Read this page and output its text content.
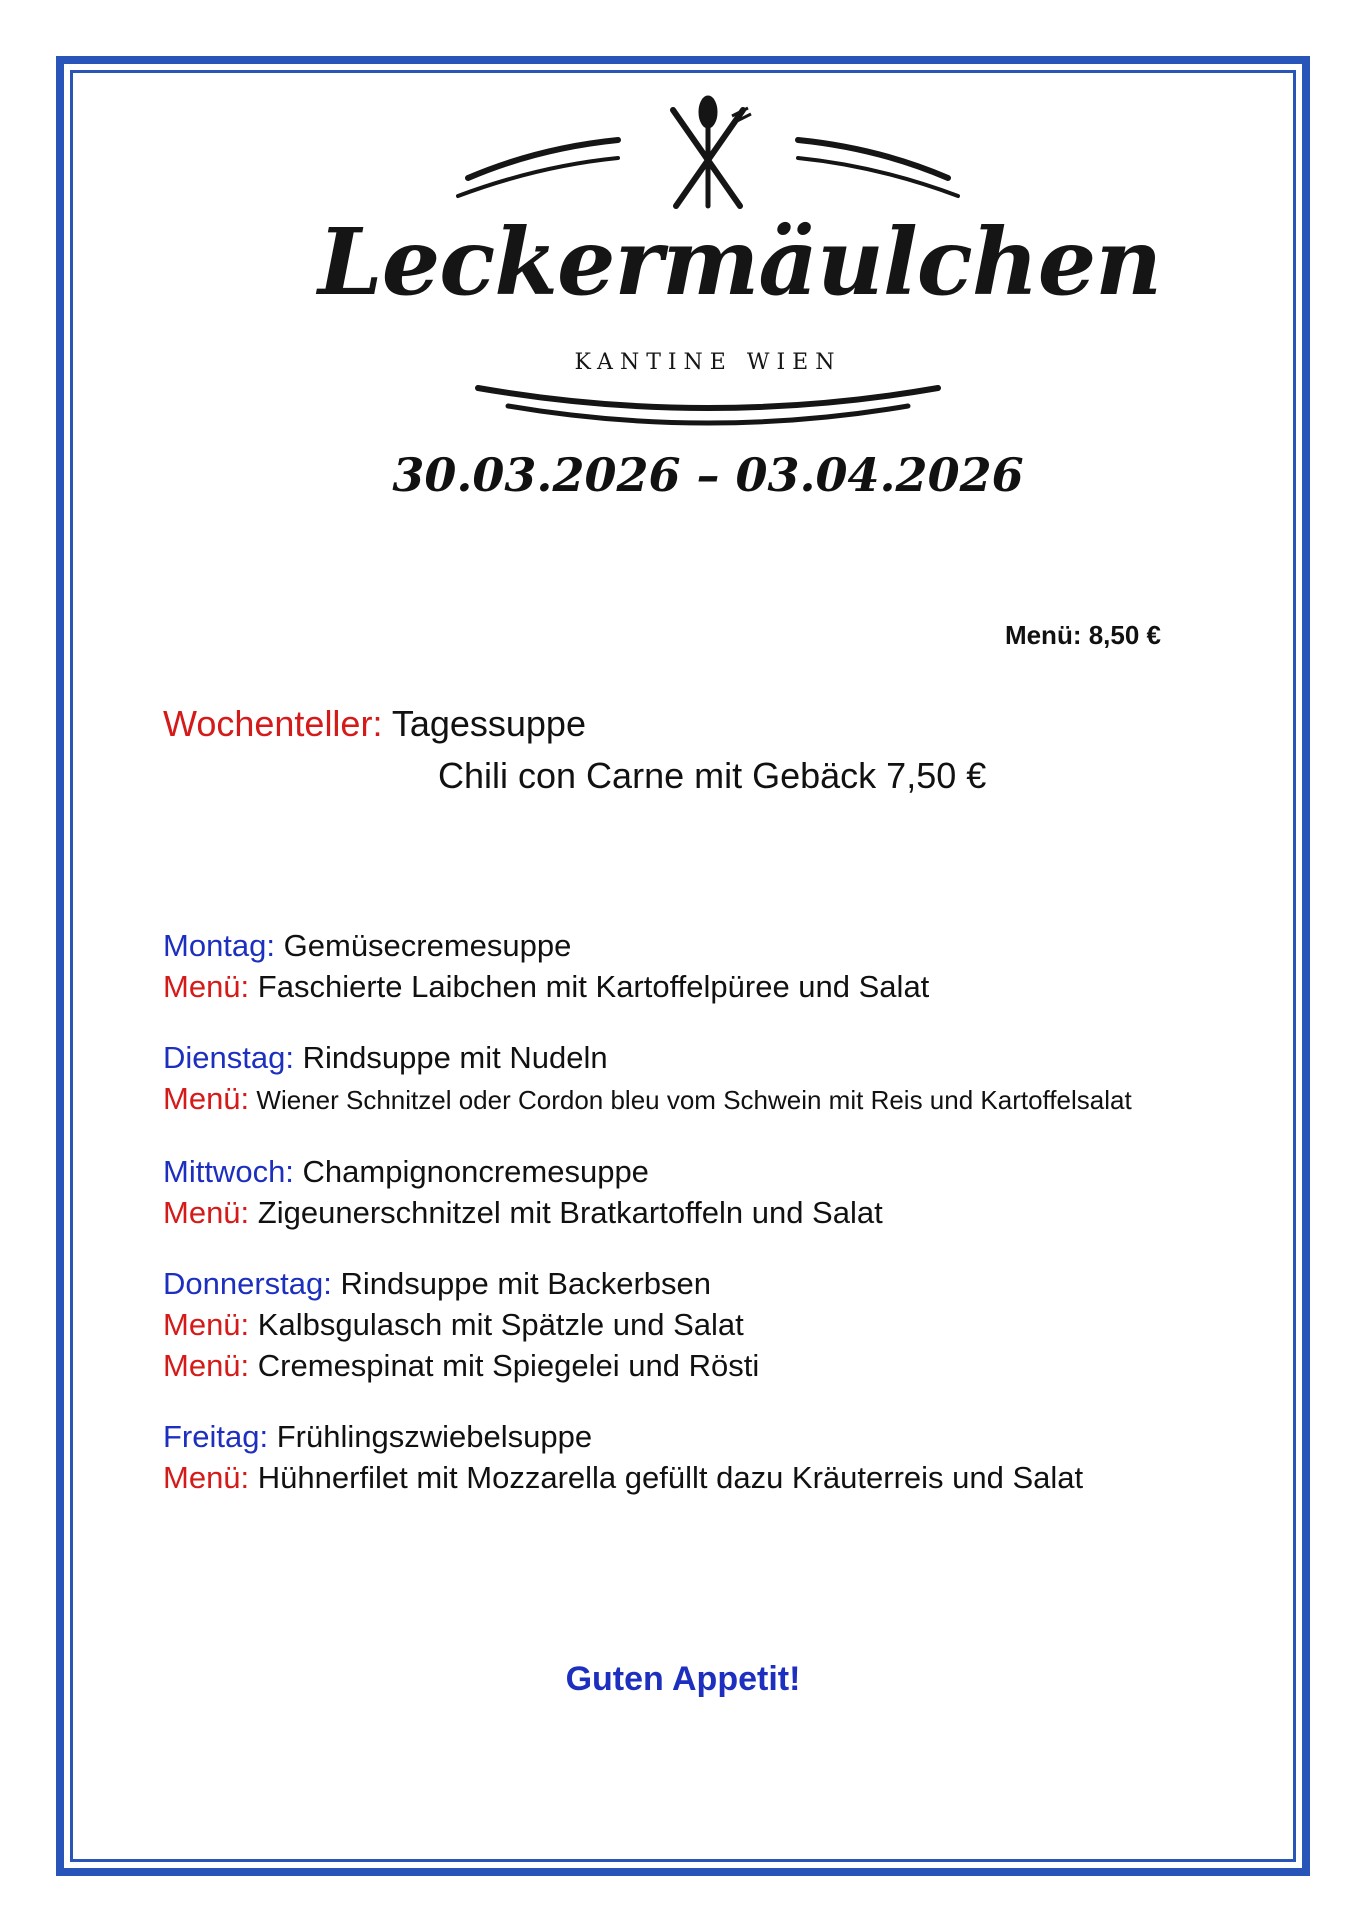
Leckermäulchen
KANTINE WIEN
30.03.2026 – 03.04.2026
Menü: 8,50 €
Wochenteller: Tagessuppe
Chili con Carne mit Gebäck 7,50 €
Montag: Gemüsecremesuppe
Menü: Faschierte Laibchen mit Kartoffelpüree und Salat
Dienstag: Rindsuppe mit Nudeln
Menü: Wiener Schnitzel oder Cordon bleu vom Schwein mit Reis und Kartoffelsalat
Mittwoch: Champignoncremesuppe
Menü: Zigeunerschnitzel mit Bratkartoffeln und Salat
Donnerstag: Rindsuppe mit Backerbsen
Menü: Kalbsgulasch mit Spätzle und Salat
Menü: Cremespinat mit Spiegelei und Rösti
Freitag: Frühlingszwiebelsuppe
Menü: Hühnerfilet mit Mozzarella gefüllt dazu Kräuterreis und Salat
Guten Appetit!
